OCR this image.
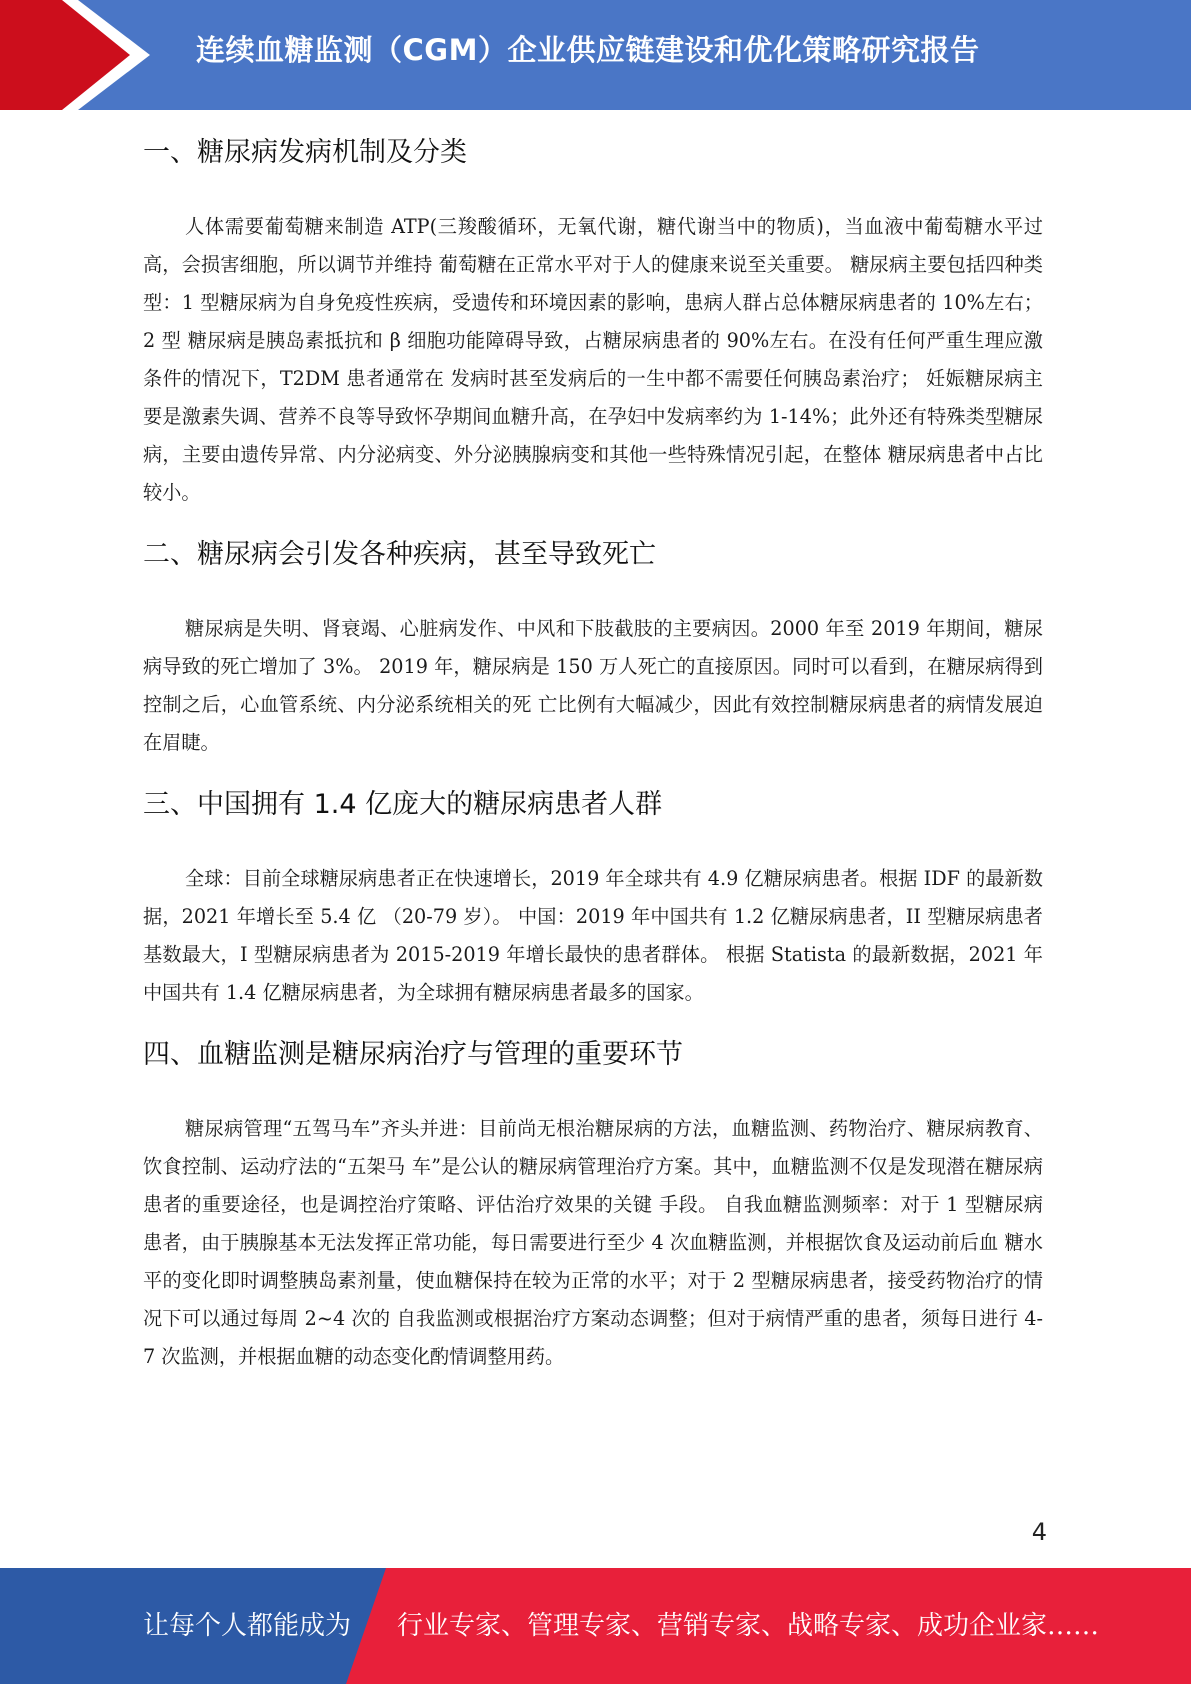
连续血糖监测（CGM）企业供应链建设和优化策略研究报告
一、糖尿病发病机制及分类

人体需要葡萄糖来制造 ATP(三羧酸循环，无氧代谢，糖代谢当中的物质)，当血液中葡萄糖水平过高，会损害细胞，所以调节并维持 葡萄糖在正常水平对于人的健康来说至关重要。 糖尿病主要包括四种类型：1 型糖尿病为自身免疫性疾病，受遗传和环境因素的影响，患病人群占总体糖尿病患者的 10%左右； 2 型 糖尿病是胰岛素抵抗和 β 细胞功能障碍导致，占糖尿病患者的 90%左右。在没有任何严重生理应激条件的情况下，T2DM 患者通常在 发病时甚至发病后的一生中都不需要任何胰岛素治疗； 妊娠糖尿病主要是激素失调、营养不良等导致怀孕期间血糖升高，在孕妇中发病率约为 1-14%；此外还有特殊类型糖尿病，主要由遗传异常、内分泌病变、外分泌胰腺病变和其他一些特殊情况引起，在整体 糖尿病患者中占比较小。

二、糖尿病会引发各种疾病，甚至导致死亡

糖尿病是失明、肾衰竭、心脏病发作、中风和下肢截肢的主要病因。2000 年至 2019 年期间，糖尿病导致的死亡增加了 3%。 2019 年，糖尿病是 150 万人死亡的直接原因。同时可以看到，在糖尿病得到控制之后，心血管系统、内分泌系统相关的死 亡比例有大幅减少，因此有效控制糖尿病患者的病情发展迫在眉睫。

三、中国拥有 1.4 亿庞大的糖尿病患者人群

全球：目前全球糖尿病患者正在快速增长，2019 年全球共有 4.9 亿糖尿病患者。根据 IDF 的最新数据，2021 年增长至 5.4 亿 （20-79 岁）。 中国：2019 年中国共有 1.2 亿糖尿病患者，II 型糖尿病患者基数最大，I 型糖尿病患者为 2015-2019 年增长最快的患者群体。 根据 Statista 的最新数据，2021 年中国共有 1.4 亿糖尿病患者，为全球拥有糖尿病患者最多的国家。

四、血糖监测是糖尿病治疗与管理的重要环节

糖尿病管理“五驾马车”齐头并进：目前尚无根治糖尿病的方法，血糖监测、药物治疗、糖尿病教育、饮食控制、运动疗法的“五架马 车”是公认的糖尿病管理治疗方案。其中，血糖监测不仅是发现潜在糖尿病患者的重要途径，也是调控治疗策略、评估治疗效果的关键 手段。 自我血糖监测频率：对于 1 型糖尿病患者，由于胰腺基本无法发挥正常功能，每日需要进行至少 4 次血糖监测，并根据饮食及运动前后血 糖水平的变化即时调整胰岛素剂量，使血糖保持在较为正常的水平；对于 2 型糖尿病患者，接受药物治疗的情况下可以通过每周 2~4 次的 自我监测或根据治疗方案动态调整；但对于病情严重的患者，须每日进行 4-7 次监测，并根据血糖的动态变化酌情调整用药。

4
让每个人都能成为 行业专家、管理专家、营销专家、战略专家、成功企业家……
